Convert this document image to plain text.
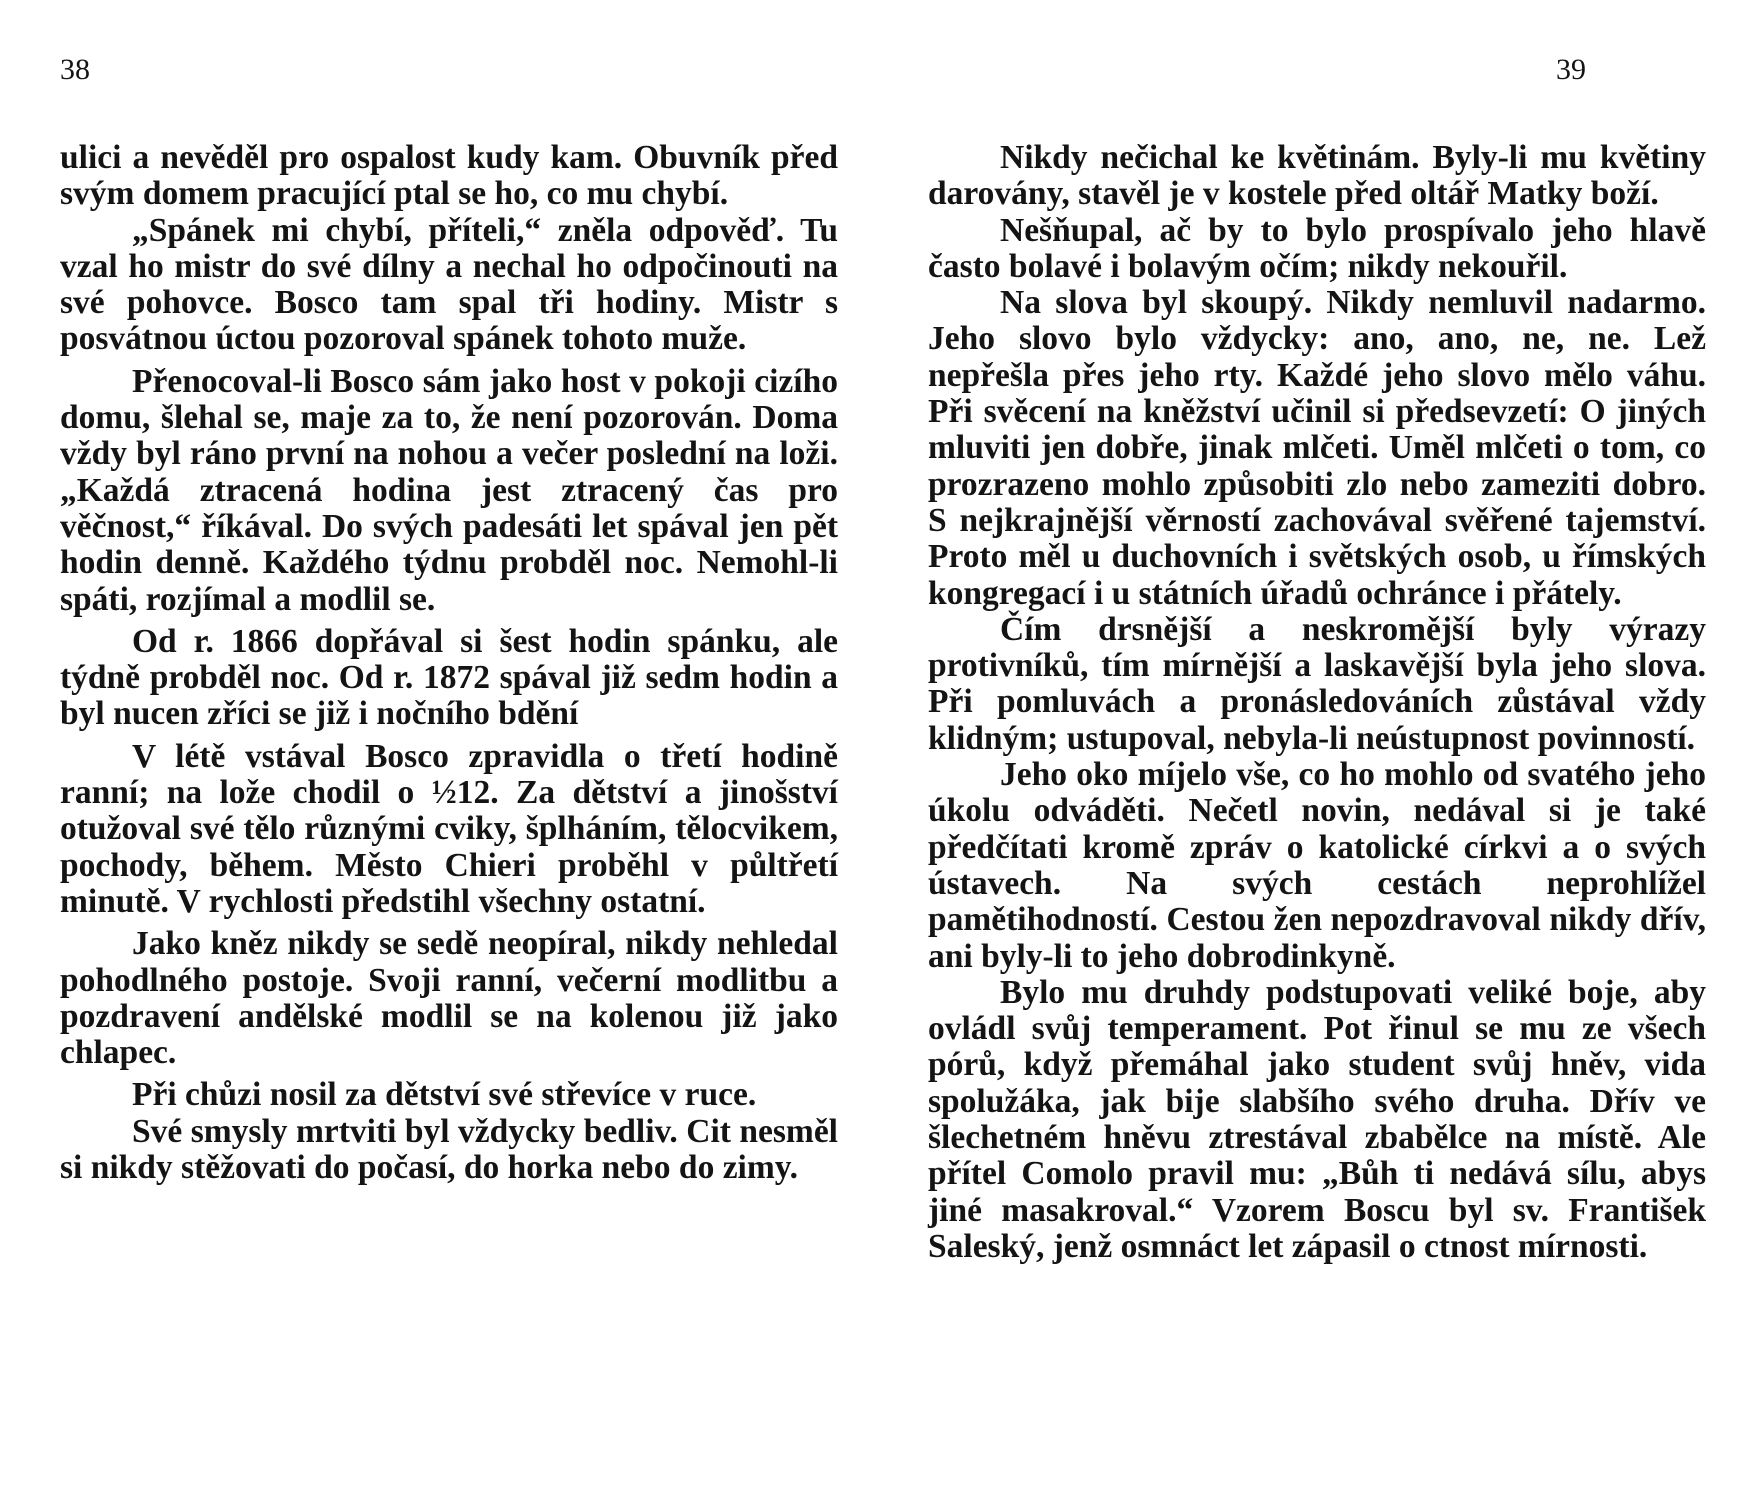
38	39

ulici a nevěděl pro ospalost kudy kam. Obuvník před svým domem pracující ptal se ho, co mu chybí.

„Spánek mi chybí, příteli,“ zněla odpověď. Tu vzal ho mistr do své dílny a nechal ho odpočinouti na své pohovce. Bosco tam spal tři hodiny. Mistr s posvátnou úctou pozoroval spánek tohoto muže.

Přenocoval-li Bosco sám jako host v pokoji cizího domu, šlehal se, maje za to, že není pozorován. Doma vždy byl ráno první na nohou a večer poslední na loži. „Každá ztracená hodina jest ztracený čas pro věčnost,“ říkával. Do svých padesáti let spával jen pět hodin denně. Každého týdnu probděl noc. Nemohl-li spáti, rozjímal a modlil se.

Od r. 1866 dopřával si šest hodin spánku, ale týdně probděl noc. Od r. 1872 spával již sedm hodin a byl nucen zříci se již i nočního bdění

V létě vstával Bosco zpravidla o třetí hodině ranní; na lože chodil o ½12. Za dětství a jinošství otužoval své tělo různými cviky, šplháním, tělocvikem, pochody, během. Město Chieri proběhl v půltřetí minutě. V rychlosti předstihl všechny ostatní.

Jako kněz nikdy se sedě neopíral, nikdy nehledal pohodlného postoje. Svoji ranní, večerní modlitbu a pozdravení andělské modlil se na kolenou již jako chlapec.

Při chůzi nosil za dětství své střevíce v ruce.

Své smysly mrtviti byl vždycky bedliv. Cit nesměl si nikdy stěžovati do počasí, do horka nebo do zimy.

Nikdy nečichal ke květinám. Byly-li mu květiny darovány, stavěl je v kostele před oltář Matky boží.

Nešňupal, ač by to bylo prospívalo jeho hlavě často bolavé i bolavým očím; nikdy nekouřil.

Na slova byl skoupý. Nikdy nemluvil nadarmo. Jeho slovo bylo vždycky: ano, ano, ne, ne. Lež nepřešla přes jeho rty. Každé jeho slovo mělo váhu. Při svěcení na kněžství učinil si předsevzetí: O jiných mluviti jen dobře, jinak mlčeti. Uměl mlčeti o tom, co prozrazeno mohlo způsobiti zlo nebo zameziti dobro. S nejkrajnější věrností zachovával svěřené tajemství. Proto měl u duchovních i světských osob, u římských kongregací i u státních úřadů ochránce i přátely.

Čím drsnější a neskromější byly výrazy protivníků, tím mírnější a laskavější byla jeho slova. Při pomluvách a pronásledováních zůstával vždy klidným; ustupoval, nebyla-li neústupnost povinností.

Jeho oko míjelo vše, co ho mohlo od svatého jeho úkolu odváděti. Nečetl novin, nedával si je také předčítati kromě zpráv o katolické církvi a o svých ústavech. Na svých cestách neprohlížel pamětihodností. Cestou žen nepozdravoval nikdy dřív, ani byly-li to jeho dobrodinkyně.

Bylo mu druhdy podstupovati veliké boje, aby ovládl svůj temperament. Pot řinul se mu ze všech pórů, když přemáhal jako student svůj hněv, vida spolužáka, jak bije slabšího svého druha. Dřív ve šlechetném hněvu ztrestával zbabělce na místě. Ale přítel Comolo pravil mu: „Bůh ti nedává sílu, abys jiné masakroval.“ Vzorem Boscu byl sv. František Saleský, jenž osmnáct let zápasil o ctnost mírnosti.
